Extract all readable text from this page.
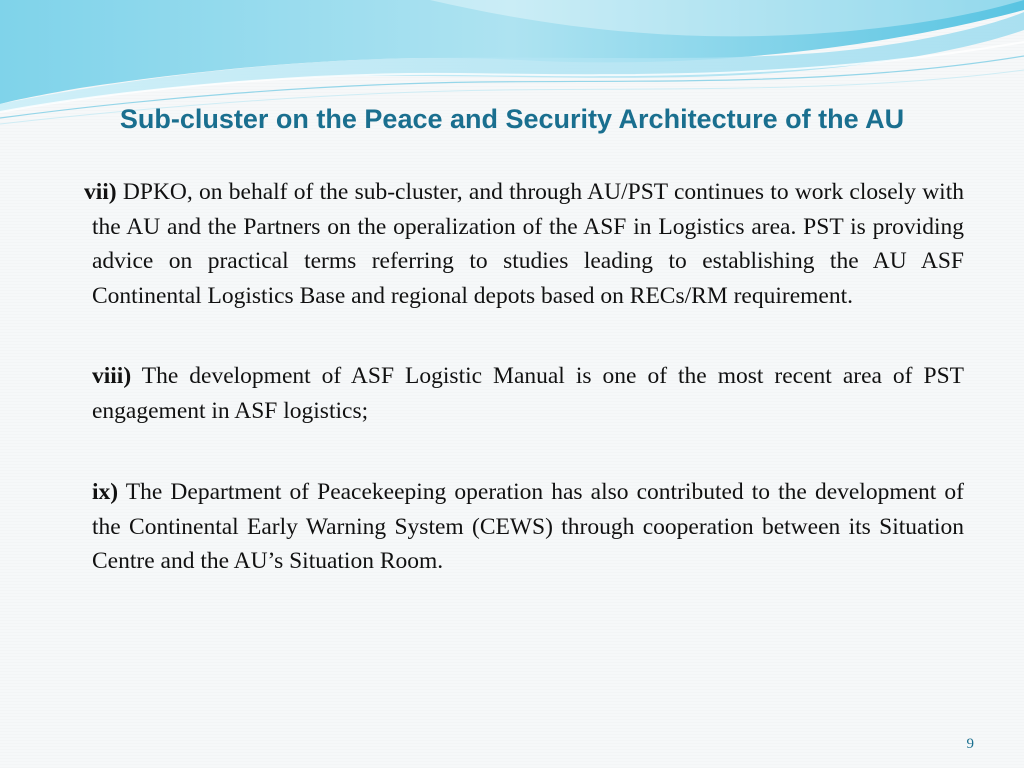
Sub-cluster on the Peace and Security Architecture of the AU

vii) DPKO, on behalf of the sub-cluster, and through AU/PST continues to work closely with the AU and the Partners on the operalization of the ASF in Logistics area. PST is providing advice on practical terms referring to studies leading to establishing the AU ASF Continental Logistics Base and regional depots based on RECs/RM requirement.

viii) The development of ASF Logistic Manual is one of the most recent area of PST engagement in ASF logistics;

ix) The Department of Peacekeeping operation has also contributed to the development of the Continental Early Warning System (CEWS) through cooperation between its Situation Centre and the AU’s Situation Room.

9
